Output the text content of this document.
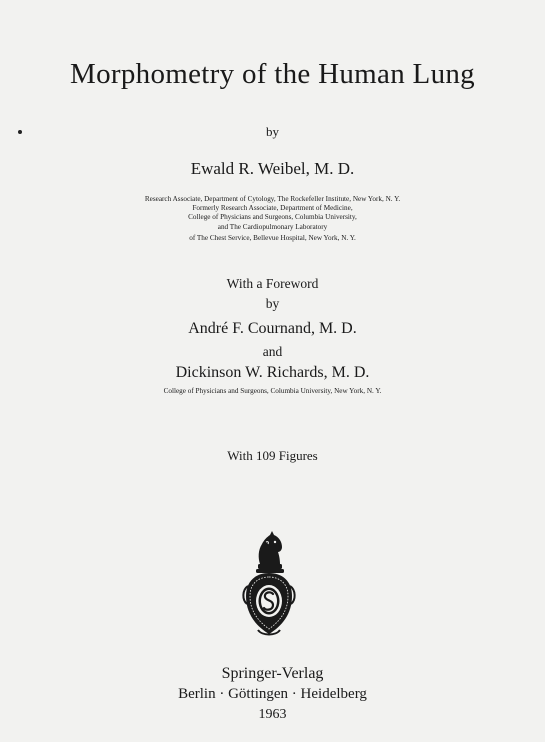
Morphometry of the Human Lung
by
Ewald R. Weibel, M. D.
Research Associate, Department of Cytology, The Rockefeller Institute, New York, N. Y.
Formerly Research Associate, Department of Medicine,
College of Physicians and Surgeons, Columbia University,
and The Cardiopulmonary Laboratory
of The Chest Service, Bellevue Hospital, New York, N. Y.
With a Foreword
by
André F. Cournand, M. D.
and
Dickinson W. Richards, M. D.
College of Physicians and Surgeons, Columbia University, New York, N. Y.
With 109 Figures
Springer-Verlag
Berlin · Göttingen · Heidelberg
1963
